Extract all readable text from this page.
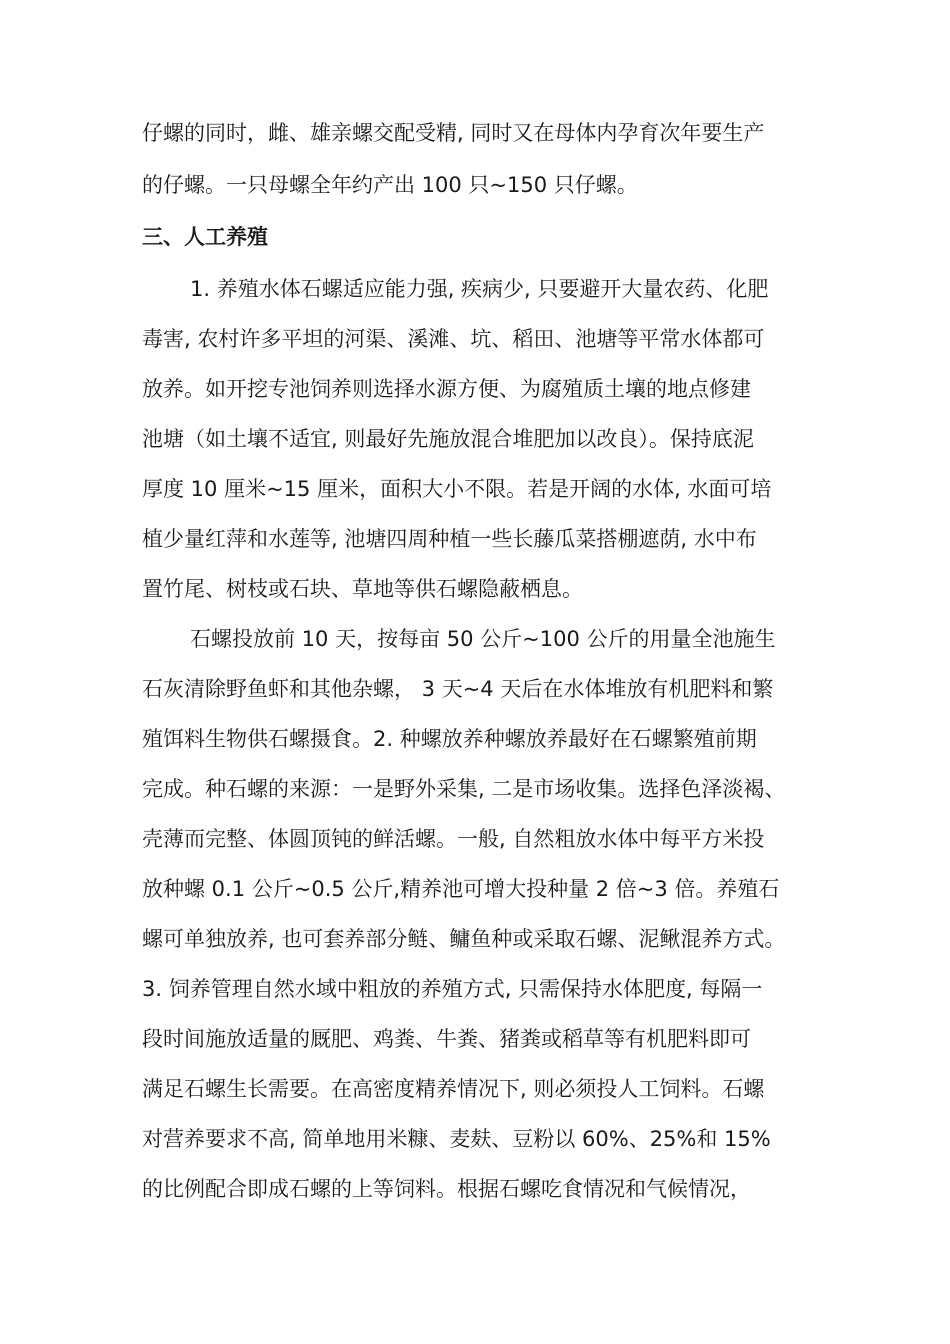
仔螺的同时，雌、雄亲螺交配受精, 同时又在母体内孕育次年要生产
的仔螺。一只母螺全年约产出 100 只~150 只仔螺。
三、人工养殖
1. 养殖水体石螺适应能力强, 疾病少, 只要避开大量农药、化肥
毒害, 农村许多平坦的河渠、溪滩、坑、稻田、池塘等平常水体都可
放养。如开挖专池饲养则选择水源方便、为腐殖质土壤的地点修建
池塘（如土壤不适宜, 则最好先施放混合堆肥加以改良）。保持底泥
厚度 10 厘米~15 厘米，面积大小不限。若是开阔的水体, 水面可培
植少量红萍和水莲等, 池塘四周种植一些长藤瓜菜搭棚遮荫, 水中布
置竹尾、树枝或石块、草地等供石螺隐蔽栖息。
石螺投放前 10 天，按每亩 50 公斤~100 公斤的用量全池施生
石灰清除野鱼虾和其他杂螺， 3 天~4 天后在水体堆放有机肥料和繁
殖饵料生物供石螺摄食。2. 种螺放养种螺放养最好在石螺繁殖前期
完成。种石螺的来源：一是野外采集, 二是市场收集。选择色泽淡褐、
壳薄而完整、体圆顶钝的鲜活螺。一般, 自然粗放水体中每平方米投
放种螺 0.1 公斤~0.5 公斤,精养池可增大投种量 2 倍~3 倍。养殖石
螺可单独放养, 也可套养部分鲢、鳙鱼种或采取石螺、泥鳅混养方式。
3. 饲养管理自然水域中粗放的养殖方式, 只需保持水体肥度, 每隔一
段时间施放适量的厩肥、鸡粪、牛粪、猪粪或稻草等有机肥料即可
满足石螺生长需要。在高密度精养情况下, 则必须投人工饲料。石螺
对营养要求不高, 简单地用米糠、麦麸、豆粉以 60%、25%和 15%
的比例配合即成石螺的上等饲料。根据石螺吃食情况和气候情况，
